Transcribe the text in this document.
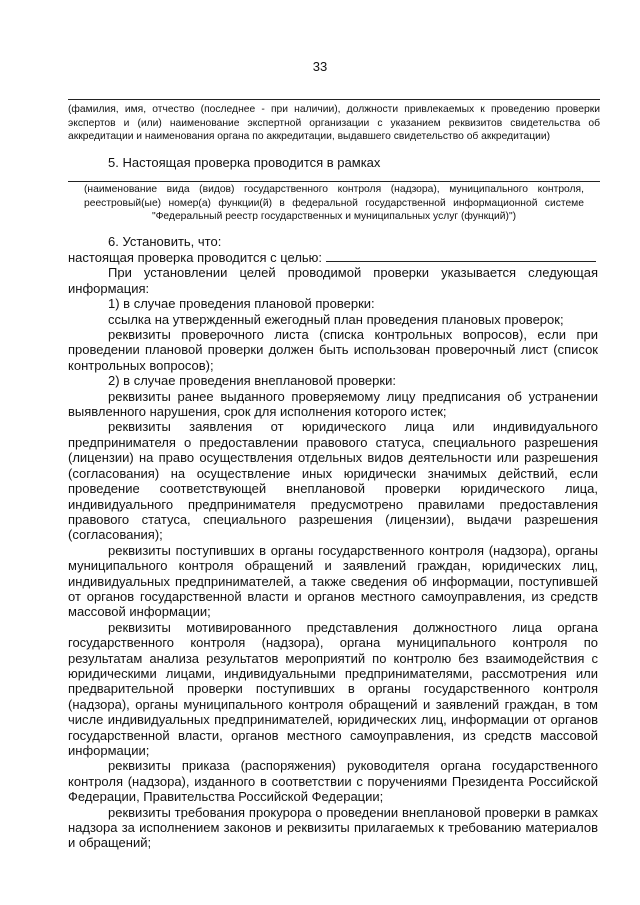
33
(фамилия, имя, отчество (последнее - при наличии), должности привлекаемых к проведению проверки экспертов и (или) наименование экспертной организации с указанием реквизитов свидетельства об аккредитации и наименования органа по аккредитации, выдавшего свидетельство об аккредитации)
5. Настоящая проверка проводится в рамках
(наименование вида (видов) государственного контроля (надзора), муниципального контроля, реестровый(ые) номер(а) функции(й) в федеральной государственной информационной системе "Федеральный реестр государственных и муниципальных услуг (функций)")
6. Установить, что:

настоящая проверка проводится с целью:

При установлении целей проводимой проверки указывается следующая информация:

1) в случае проведения плановой проверки:

ссылка на утвержденный ежегодный план проведения плановых проверок;

реквизиты проверочного листа (списка контрольных вопросов), если при проведении плановой проверки должен быть использован проверочный лист (список контрольных вопросов);

2) в случае проведения внеплановой проверки:

реквизиты ранее выданного проверяемому лицу предписания об устранении выявленного нарушения, срок для исполнения которого истек;

реквизиты заявления от юридического лица или индивидуального предпринимателя о предоставлении правового статуса, специального разрешения (лицензии) на право осуществления отдельных видов деятельности или разрешения (согласования) на осуществление иных юридически значимых действий, если проведение соответствующей внеплановой проверки юридического лица, индивидуального предпринимателя предусмотрено правилами предоставления правового статуса, специального разрешения (лицензии), выдачи разрешения (согласования);

реквизиты поступивших в органы государственного контроля (надзора), органы муниципального контроля обращений и заявлений граждан, юридических лиц, индивидуальных предпринимателей, а также сведения об информации, поступившей от органов государственной власти и органов местного самоуправления, из средств массовой информации;

реквизиты мотивированного представления должностного лица органа государственного контроля (надзора), органа муниципального контроля по результатам анализа результатов мероприятий по контролю без взаимодействия с юридическими лицами, индивидуальными предпринимателями, рассмотрения или предварительной проверки поступивших в органы государственного контроля (надзора), органы муниципального контроля обращений и заявлений граждан, в том числе индивидуальных предпринимателей, юридических лиц, информации от органов государственной власти, органов местного самоуправления, из средств массовой информации;

реквизиты приказа (распоряжения) руководителя органа государственного контроля (надзора), изданного в соответствии с поручениями Президента Российской Федерации, Правительства Российской Федерации;

реквизиты требования прокурора о проведении внеплановой проверки в рамках надзора за исполнением законов и реквизиты прилагаемых к требованию материалов и обращений;
